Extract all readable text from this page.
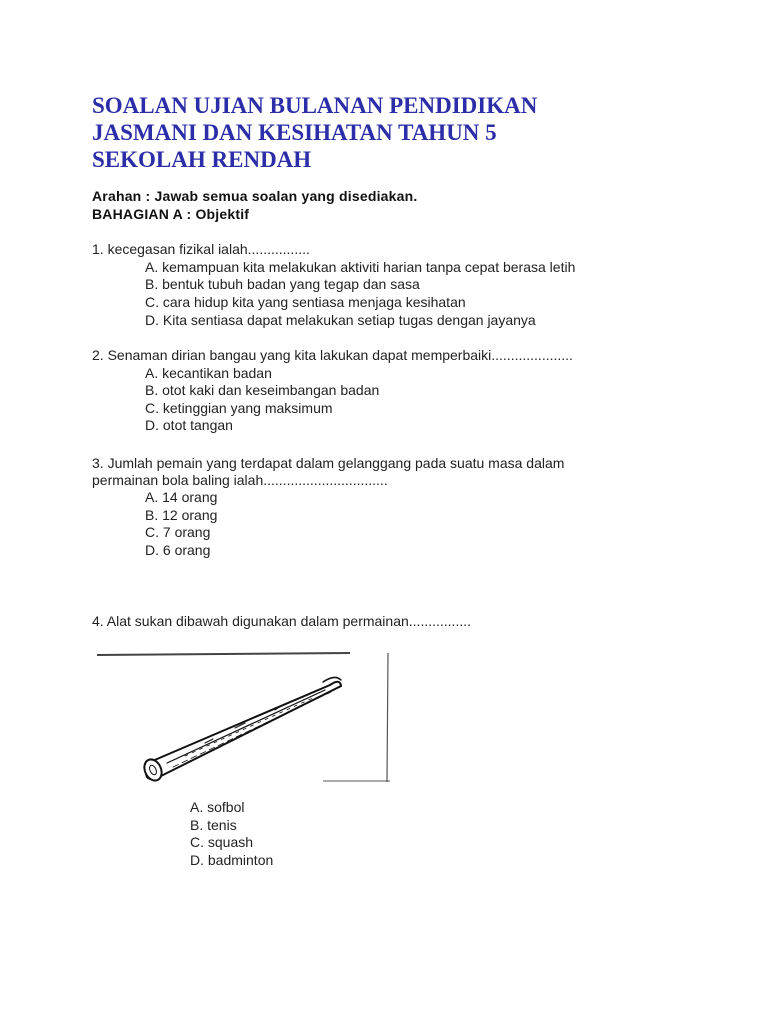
SOALAN UJIAN BULANAN PENDIDIKAN
JASMANI DAN KESIHATAN TAHUN 5
SEKOLAH RENDAH
Arahan : Jawab semua soalan yang disediakan.
BAHAGIAN A : Objektif
1. kecegasan fizikal ialah................
A. kemampuan kita melakukan aktiviti harian tanpa cepat berasa letih
B. bentuk tubuh badan yang tegap dan sasa
C. cara hidup kita yang sentiasa menjaga kesihatan
D. Kita sentiasa dapat melakukan setiap tugas dengan jayanya
2. Senaman dirian bangau yang kita lakukan dapat memperbaiki.....................
A. kecantikan badan
B. otot kaki dan keseimbangan badan
C. ketinggian yang maksimum
D. otot tangan
3. Jumlah pemain yang terdapat dalam gelanggang pada suatu masa dalam
permainan bola baling ialah................................
A. 14 orang
B. 12 orang
C. 7 orang
D. 6 orang
4. Alat sukan dibawah digunakan dalam permainan................
A. sofbol
B. tenis
C. squash
D. badminton
